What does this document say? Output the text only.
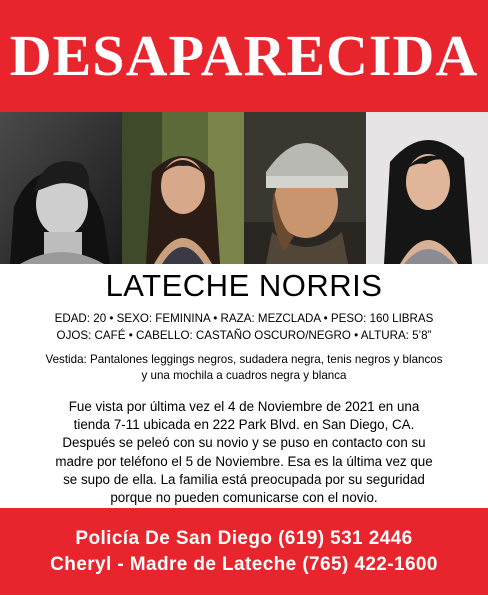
DESAPARECIDA
LATECHE NORRIS
EDAD: 20 • SEXO: FEMININA • RAZA: MEZCLADA • PESO: 160 LIBRAS
OJOS: CAFÉ • CABELLO: CASTAÑO OSCURO/NEGRO • ALTURA: 5’8”
Vestida: Pantalones leggings negros, sudadera negra, tenis negros y blancos
y una mochila a cuadros negra y blanca
Fue vista por última vez el 4 de Noviembre de 2021 en una
tienda 7-11 ubicada en 222 Park Blvd. en San Diego, CA.
Después se peleó con su novio y se puso en contacto con su
madre por teléfono el 5 de Noviembre. Esa es la última vez que
se supo de ella. La familia está preocupada por su seguridad
porque no pueden comunicarse con el novio.
Policía De San Diego (619) 531 2446
Cheryl - Madre de Lateche (765) 422-1600
